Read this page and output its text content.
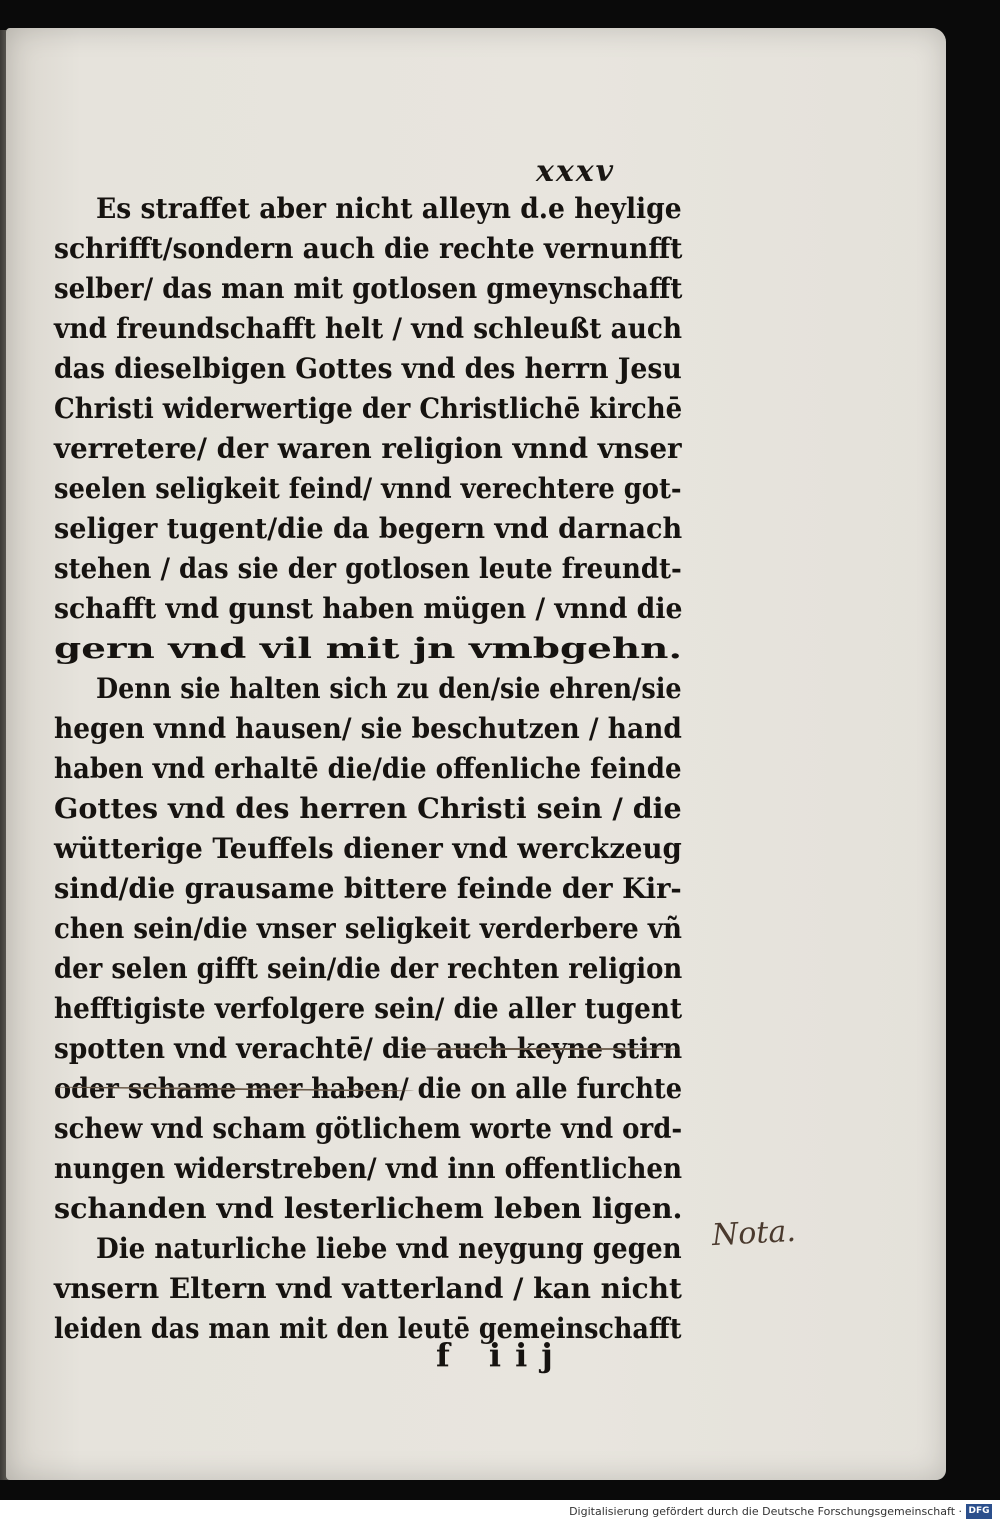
xxxv
Es straffet aber nicht alleyn d.e heylige
schrifft/sondern auch die rechte vernunfft
selber/ das man mit gotlosen gmeynschafft
vnd freundschafft helt / vnd schleußt auch
das dieselbigen Gottes vnd des herrn Jesu
Christi widerwertige der Christlichē kirchē
verretere/ der waren religion vnnd vnser
seelen seligkeit feind/ vnnd verechtere got-
seliger tugent/die da begern vnd darnach
stehen / das sie der gotlosen leute freundt-
schafft vnd gunst haben mügen / vnnd die
gern vnd vil mit jn vmbgehn.
Denn sie halten sich zu den/sie ehren/sie
hegen vnnd hausen/ sie beschutzen / hand
haben vnd erhaltē die/die offenliche feinde
Gottes vnd des herren Christi sein / die
wütterige Teuffels diener vnd werckzeug
sind/die grausame bittere feinde der Kir-
chen sein/die vnser seligkeit verderbere vñ
der selen gifft sein/die der rechten religion
hefftigiste verfolgere sein/ die aller tugent
spotten vnd verachtē/ die auch keyne stirn
oder schame mer haben/ die on alle furchte
schew vnd scham götlichem worte vnd ord-
nungen widerstreben/ vnd inn offentlichen
schanden vnd lesterlichem leben ligen.
Die naturliche liebe vnd neygung gegen
vnsern Eltern vnd vatterland / kan nicht
leiden das man mit den leutē gemeinschafft
Nota.
f iij
Digitalisierung gefördert durch die Deutsche Forschungsgemeinschaft · DFG
